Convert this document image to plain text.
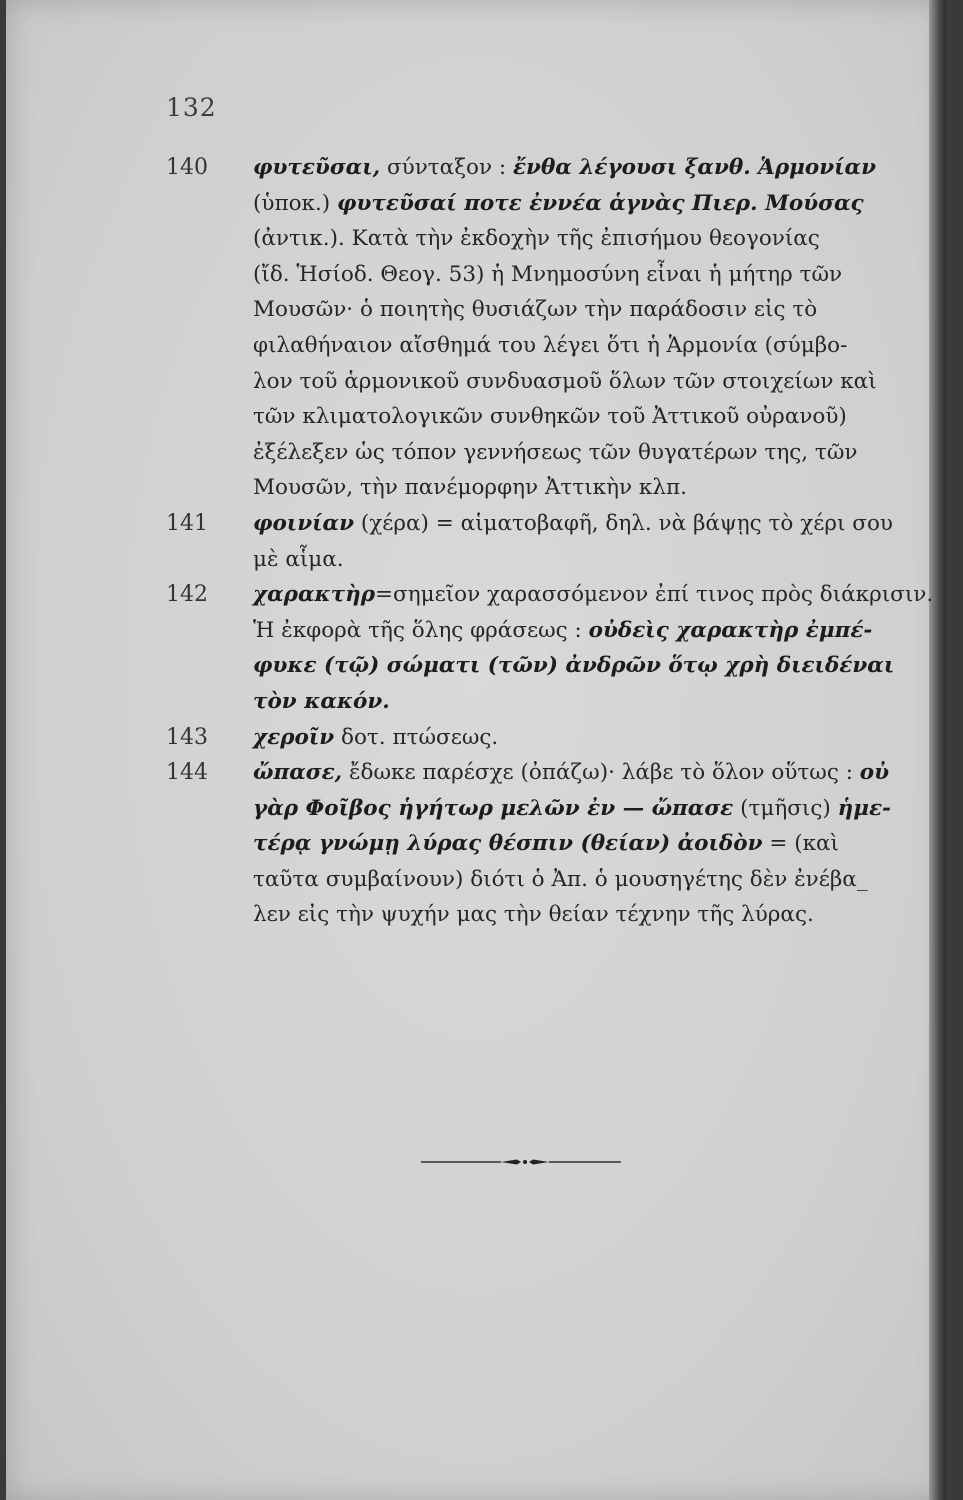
132
140	φυτεῦσαι, σύνταξον : ἔνθα λέγουσι ξανθ. Ἁρμονίαν
(ὑποκ.) φυτεῦσαί ποτε ἐννέα ἁγνὰς Πιερ. Μούσας
(ἀντικ.). Κατὰ τὴν ἐκδοχὴν τῆς ἐπισήμου θεογονίας
(ἴδ. Ἡσίοδ. Θεογ. 53) ἡ Μνημοσύνη εἶναι ἡ μήτηρ τῶν
Μουσῶν· ὁ ποιητὴς θυσιάζων τὴν παράδοσιν εἰς τὸ
φιλαθήναιον αἴσθημά του λέγει ὅτι ἡ Ἁρμονία (σύμβο-
λον τοῦ ἁρμονικοῦ συνδυασμοῦ ὅλων τῶν στοιχείων καὶ
τῶν κλιματολογικῶν συνθηκῶν τοῦ Ἀττικοῦ οὐρανοῦ)
ἐξέλεξεν ὡς τόπον γεννήσεως τῶν θυγατέρων της, τῶν
Μουσῶν, τὴν πανέμορφην Ἀττικὴν κλπ.
141	φοινίαν (χέρα) = αἱματοβαφῆ, δηλ. νὰ βάψῃς τὸ χέρι σου
μὲ αἷμα.
142	χαρακτὴρ=σημεῖον χαρασσόμενον ἐπί τινος πρὸς διάκρισιν.
Ἡ ἐκφορὰ τῆς ὅλης φράσεως : οὐδεὶς χαρακτὴρ ἐμπέ-
φυκε (τῷ) σώματι (τῶν) ἀνδρῶν ὅτῳ χρὴ διειδέναι
τὸν κακόν.
143	χεροῖν δοτ. πτώσεως.
144	ὤπασε, ἔδωκε παρέσχε (ὀπάζω)· λάβε τὸ ὅλον οὕτως : οὐ
γὰρ Φοῖβος ἡγήτωρ μελῶν ἐν — ὤπασε (τμῆσις) ἡμε-
τέρᾳ γνώμῃ λύρας θέσπιν (θείαν) ἀοιδὸν = (καὶ
ταῦτα συμβαίνουν) διότι ὁ Ἀπ. ὁ μουσηγέτης δὲν ἐνέβα_
λεν εἰς τὴν ψυχήν μας τὴν θείαν τέχνην τῆς λύρας.
